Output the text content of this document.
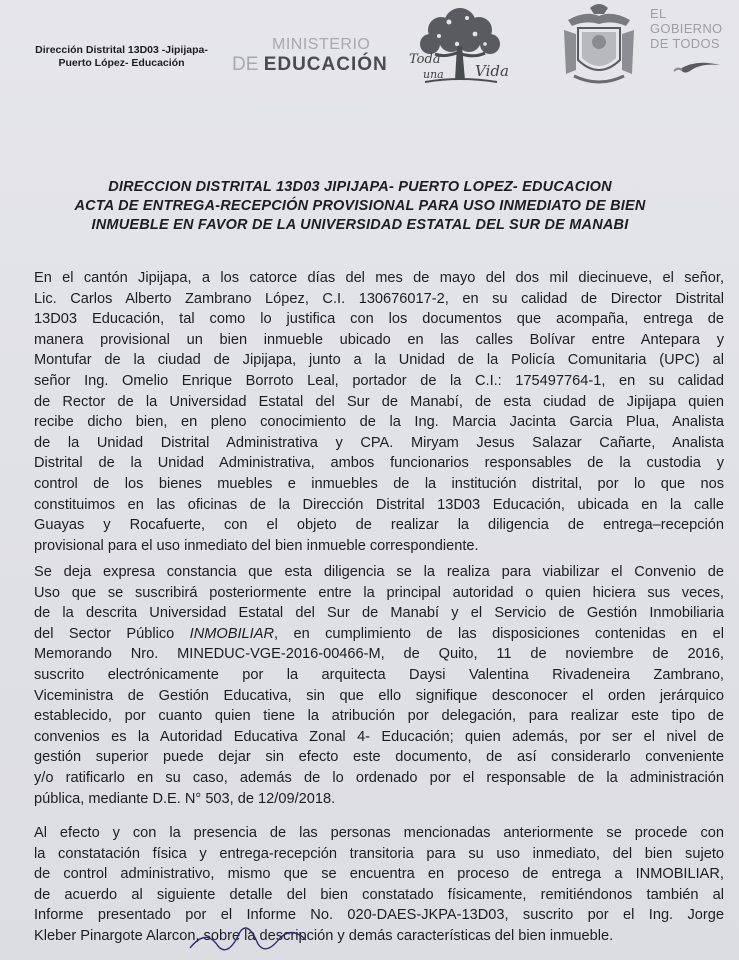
Dirección Distrital 13D03 -Jipijapa-
Puerto López- Educación
MINISTERIO
DE EDUCACIÓN Toda
una Vida
EL
GOBIERNO
DE TODOS
DIRECCION DISTRITAL 13D03 JIPIJAPA- PUERTO LOPEZ- EDUCACION
ACTA DE ENTREGA-RECEPCIÓN PROVISIONAL PARA USO INMEDIATO DE BIEN
INMUEBLE EN FAVOR DE LA UNIVERSIDAD ESTATAL DEL SUR DE MANABI
En el cantón Jipijapa, a los catorce días del mes de mayo del dos mil diecinueve, el señor,
Lic. Carlos Alberto Zambrano López, C.I. 130676017-2, en su calidad de Director Distrital
13D03 Educación, tal como lo justifica con los documentos que acompaña, entrega de
manera provisional un bien inmueble ubicado en las calles Bolívar entre Antepara y
Montufar de la ciudad de Jipijapa, junto a la Unidad de la Policía Comunitaria (UPC) al
señor Ing. Omelio Enrique Borroto Leal, portador de la C.I.: 175497764-1, en su calidad
de Rector de la Universidad Estatal del Sur de Manabí, de esta ciudad de Jipijapa quien
recibe dicho bien, en pleno conocimiento de la Ing. Marcia Jacinta Garcia Plua, Analista
de la Unidad Distrital Administrativa y CPA. Miryam Jesus Salazar Cañarte, Analista
Distrital de la Unidad Administrativa, ambos funcionarios responsables de la custodia y
control de los bienes muebles e inmuebles de la institución distrital, por lo que nos
constituimos en las oficinas de la Dirección Distrital 13D03 Educación, ubicada en la calle
Guayas y Rocafuerte, con el objeto de realizar la diligencia de entrega–recepción
provisional para el uso inmediato del bien inmueble correspondiente.
Se deja expresa constancia que esta diligencia se la realiza para viabilizar el Convenio de
Uso que se suscribirá posteriormente entre la principal autoridad o quien hiciera sus veces,
de la descrita Universidad Estatal del Sur de Manabí y el Servicio de Gestión Inmobiliaria
del Sector Público INMOBILIAR, en cumplimiento de las disposiciones contenidas en el
Memorando Nro. MINEDUC-VGE-2016-00466-M, de Quito, 11 de noviembre de 2016,
suscrito electrónicamente por la arquitecta Daysi Valentina Rivadeneira Zambrano,
Viceministra de Gestión Educativa, sin que ello signifique desconocer el orden jerárquico
establecido, por cuanto quien tiene la atribución por delegación, para realizar este tipo de
convenios es la Autoridad Educativa Zonal 4- Educación; quien además, por ser el nivel de
gestión superior puede dejar sin efecto este documento, de así considerarlo conveniente
y/o ratificarlo en su caso, además de lo ordenado por el responsable de la administración
pública, mediante D.E. N° 503, de 12/09/2018.
Al efecto y con la presencia de las personas mencionadas anteriormente se procede con
la constatación física y entrega-recepción transitoria para su uso inmediato, del bien sujeto
de control administrativo, mismo que se encuentra en proceso de entrega a INMOBILIAR,
de acuerdo al siguiente detalle del bien constatado físicamente, remitiéndonos también al
Informe presentado por el Informe No. 020-DAES-JKPA-13D03, suscrito por el Ing. Jorge
Kleber Pinargote Alarcon, sobre la descripción y demás características del bien inmueble.
